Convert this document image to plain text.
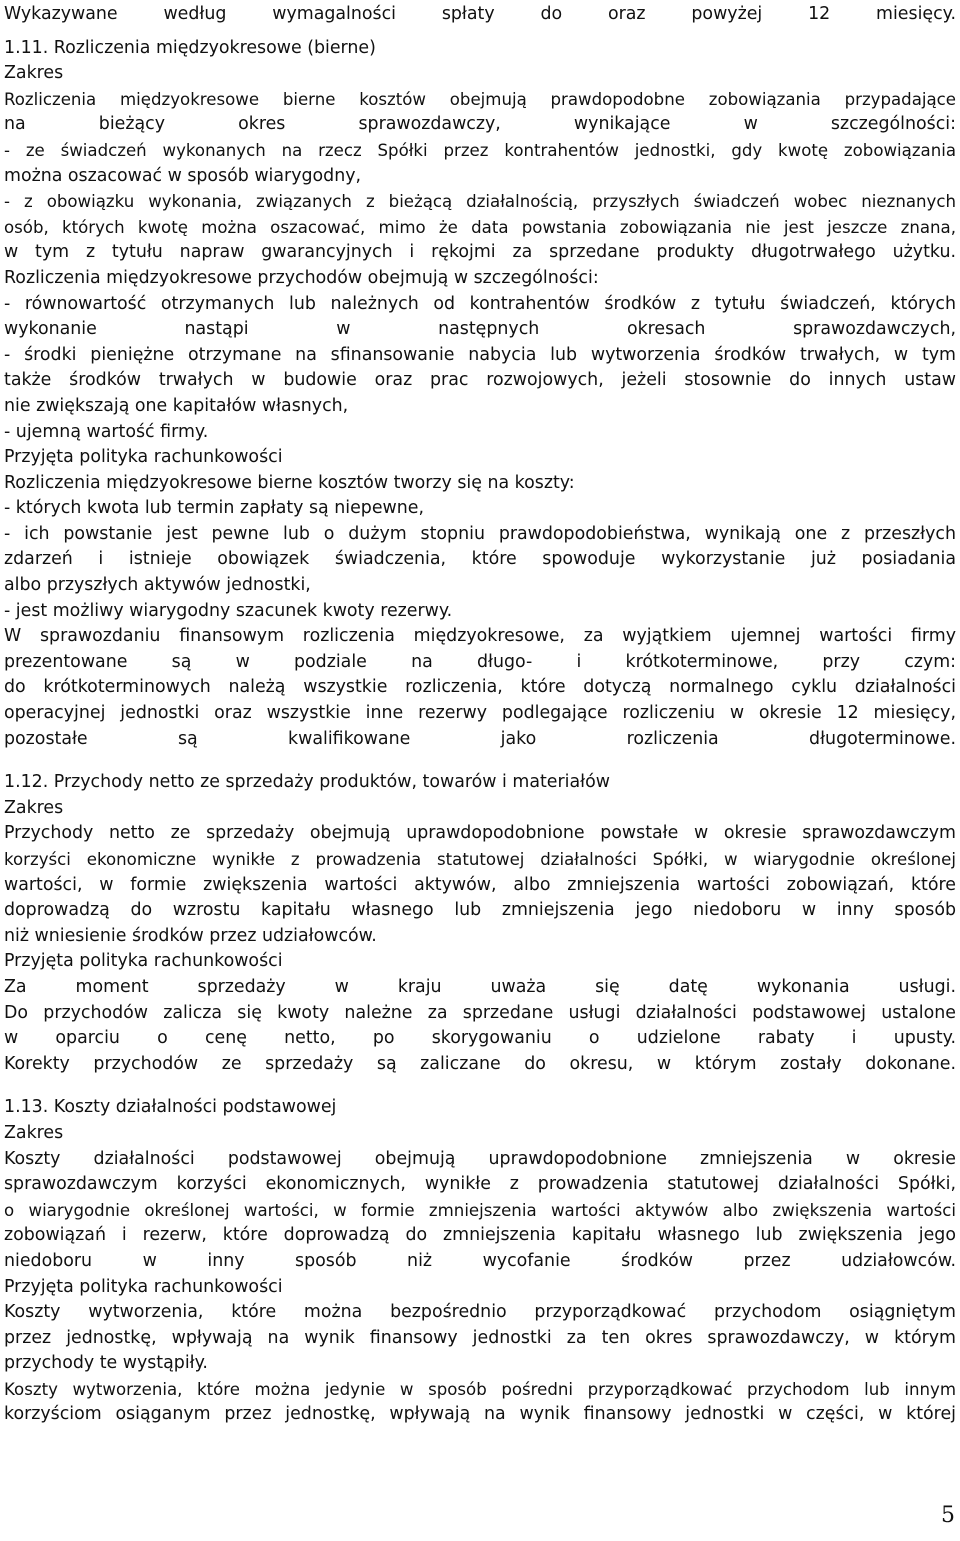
Wykazywane według wymagalności spłaty do oraz powyżej 12 miesięcy.
1.11. Rozliczenia międzyokresowe (bierne)
Zakres
Rozliczenia międzyokresowe bierne kosztów obejmują prawdopodobne zobowiązania przypadające
na bieżący okres sprawozdawczy, wynikające w szczególności:
- ze świadczeń wykonanych na rzecz Spółki przez kontrahentów jednostki, gdy kwotę zobowiązania
można oszacować w sposób wiarygodny,
- z obowiązku wykonania, związanych z bieżącą działalnością, przyszłych świadczeń wobec nieznanych
osób, których kwotę można oszacować, mimo że data powstania zobowiązania nie jest jeszcze znana,
w tym z tytułu napraw gwarancyjnych i rękojmi za sprzedane produkty długotrwałego użytku.
Rozliczenia międzyokresowe przychodów obejmują w szczególności:
- równowartość otrzymanych lub należnych od kontrahentów środków z tytułu świadczeń, których
wykonanie nastąpi w następnych okresach sprawozdawczych,
- środki pieniężne otrzymane na sfinansowanie nabycia lub wytworzenia środków trwałych, w tym
także środków trwałych w budowie oraz prac rozwojowych, jeżeli stosownie do innych ustaw
nie zwiększają one kapitałów własnych,
- ujemną wartość firmy.
Przyjęta polityka rachunkowości
Rozliczenia międzyokresowe bierne kosztów tworzy się na koszty:
- których kwota lub termin zapłaty są niepewne,
- ich powstanie jest pewne lub o dużym stopniu prawdopodobieństwa, wynikają one z przeszłych
zdarzeń i istnieje obowiązek świadczenia, które spowoduje wykorzystanie już posiadania
albo przyszłych aktywów jednostki,
- jest możliwy wiarygodny szacunek kwoty rezerwy.
W sprawozdaniu finansowym rozliczenia międzyokresowe, za wyjątkiem ujemnej wartości firmy
prezentowane są w podziale na długo- i krótkoterminowe, przy czym:
do krótkoterminowych należą wszystkie rozliczenia, które dotyczą normalnego cyklu działalności
operacyjnej jednostki oraz wszystkie inne rezerwy podlegające rozliczeniu w okresie 12 miesięcy,
pozostałe są kwalifikowane jako rozliczenia długoterminowe.
1.12. Przychody netto ze sprzedaży produktów, towarów i materiałów
Zakres
Przychody netto ze sprzedaży obejmują uprawdopodobnione powstałe w okresie sprawozdawczym
korzyści ekonomiczne wynikłe z prowadzenia statutowej działalności Spółki, w wiarygodnie określonej
wartości, w formie zwiększenia wartości aktywów, albo zmniejszenia wartości zobowiązań, które
doprowadzą do wzrostu kapitału własnego lub zmniejszenia jego niedoboru w inny sposób
niż wniesienie środków przez udziałowców.
Przyjęta polityka rachunkowości
Za moment sprzedaży w kraju uważa się datę wykonania usługi.
Do przychodów zalicza się kwoty należne za sprzedane usługi działalności podstawowej ustalone
w oparciu o cenę netto, po skorygowaniu o udzielone rabaty i upusty.
Korekty przychodów ze sprzedaży są zaliczane do okresu, w którym zostały dokonane.
1.13. Koszty działalności podstawowej
Zakres
Koszty działalności podstawowej obejmują uprawdopodobnione zmniejszenia w okresie
sprawozdawczym korzyści ekonomicznych, wynikłe z prowadzenia statutowej działalności Spółki,
o wiarygodnie określonej wartości, w formie zmniejszenia wartości aktywów albo zwiększenia wartości
zobowiązań i rezerw, które doprowadzą do zmniejszenia kapitału własnego lub zwiększenia jego
niedoboru w inny sposób niż wycofanie środków przez udziałowców.
Przyjęta polityka rachunkowości
Koszty wytworzenia, które można bezpośrednio przyporządkować przychodom osiągniętym
przez jednostkę, wpływają na wynik finansowy jednostki za ten okres sprawozdawczy, w którym
przychody te wystąpiły.
Koszty wytworzenia, które można jedynie w sposób pośredni przyporządkować przychodom lub innym
korzyściom osiąganym przez jednostkę, wpływają na wynik finansowy jednostki w części, w której
5
